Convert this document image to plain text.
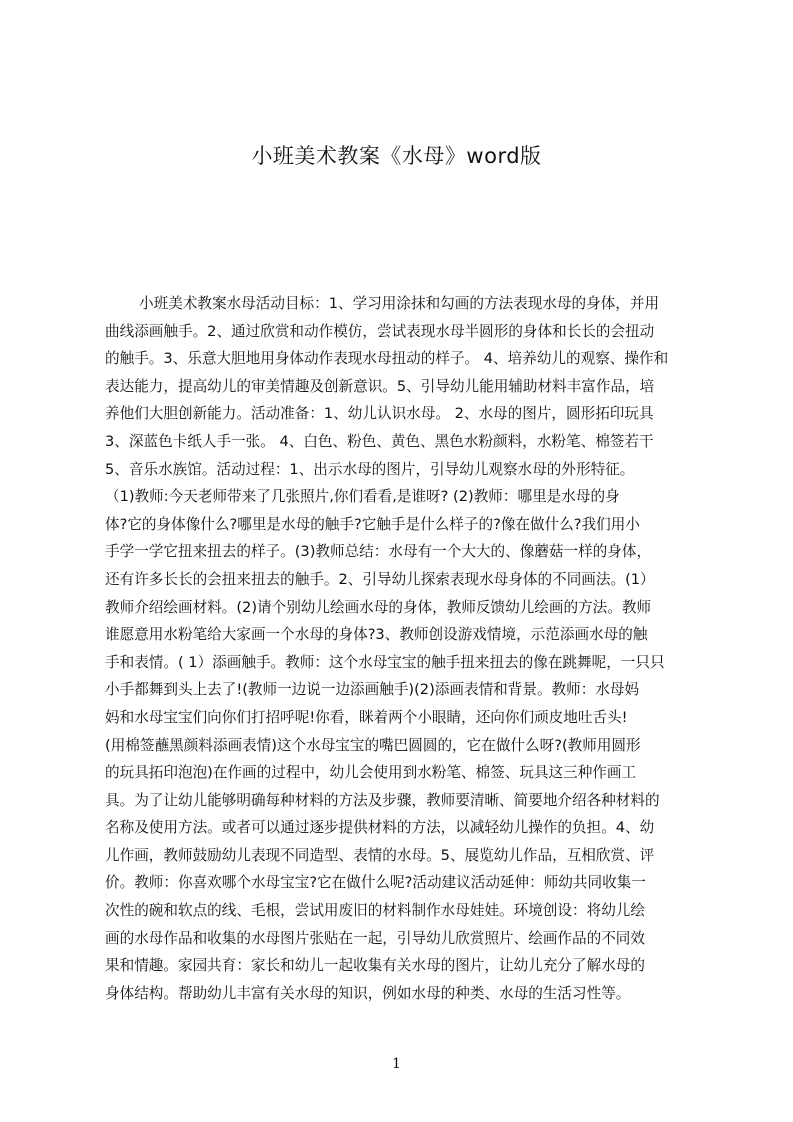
小班美术教案《水母》word版
小班美术教案水母活动目标：1、学习用涂抹和勾画的方法表现水母的身体，并用
曲线添画触手。2、通过欣赏和动作模仿，尝试表现水母半圆形的身体和长长的会扭动
的触手。3、乐意大胆地用身体动作表现水母扭动的样子。 4、培养幼儿的观察、操作和
表达能力，提高幼儿的审美情趣及创新意识。5、引导幼儿能用辅助材料丰富作品，培
养他们大胆创新能力。活动准备：1、幼儿认识水母。 2、水母的图片，圆形拓印玩具
3、深蓝色卡纸人手一张。 4、白色、粉色、黄色、黑色水粉颜料，水粉笔、棉签若干
5、音乐水族馆。活动过程：1、出示水母的图片，引导幼儿观察水母的外形特征。
（1)教师:今天老师带来了几张照片,你们看看,是谁呀? (2)教师：哪里是水母的身
体?它的身体像什么?哪里是水母的触手?它触手是什么样子的?像在做什么?我们用小
手学一学它扭来扭去的样子。(3)教师总结：水母有一个大大的、像蘑菇一样的身体，
还有许多长长的会扭来扭去的触手。2、引导幼儿探索表现水母身体的不同画法。(1）
教师介绍绘画材料。(2)请个别幼儿绘画水母的身体，教师反馈幼儿绘画的方法。教师
谁愿意用水粉笔给大家画一个水母的身体?3、教师创设游戏情境，示范添画水母的触
手和表情。( 1）添画触手。教师：这个水母宝宝的触手扭来扭去的像在跳舞呢，一只只
小手都舞到头上去了!(教师一边说一边添画触手)(2)添画表情和背景。教师：水母妈
妈和水母宝宝们向你们打招呼呢!你看，眯着两个小眼睛，还向你们顽皮地吐舌头!
(用棉签蘸黑颜料添画表情)这个水母宝宝的嘴巴圆圆的，它在做什么呀?(教师用圆形
的玩具拓印泡泡)在作画的过程中，幼儿会使用到水粉笔、棉签、玩具这三种作画工
具。为了让幼儿能够明确每种材料的方法及步骤，教师要清晰、简要地介绍各种材料的
名称及使用方法。或者可以通过逐步提供材料的方法，以减轻幼儿操作的负担。4、幼
儿作画，教师鼓励幼儿表现不同造型、表情的水母。5、展览幼儿作品，互相欣赏、评
价。教师：你喜欢哪个水母宝宝?它在做什么呢?活动建议活动延伸：师幼共同收集一
次性的碗和软点的线、毛根，尝试用废旧的材料制作水母娃娃。环境创设：将幼儿绘
画的水母作品和收集的水母图片张贴在一起，引导幼儿欣赏照片、绘画作品的不同效
果和情趣。家园共育：家长和幼儿一起收集有关水母的图片，让幼儿充分了解水母的
身体结构。帮助幼儿丰富有关水母的知识，例如水母的种类、水母的生活习性等。
1
